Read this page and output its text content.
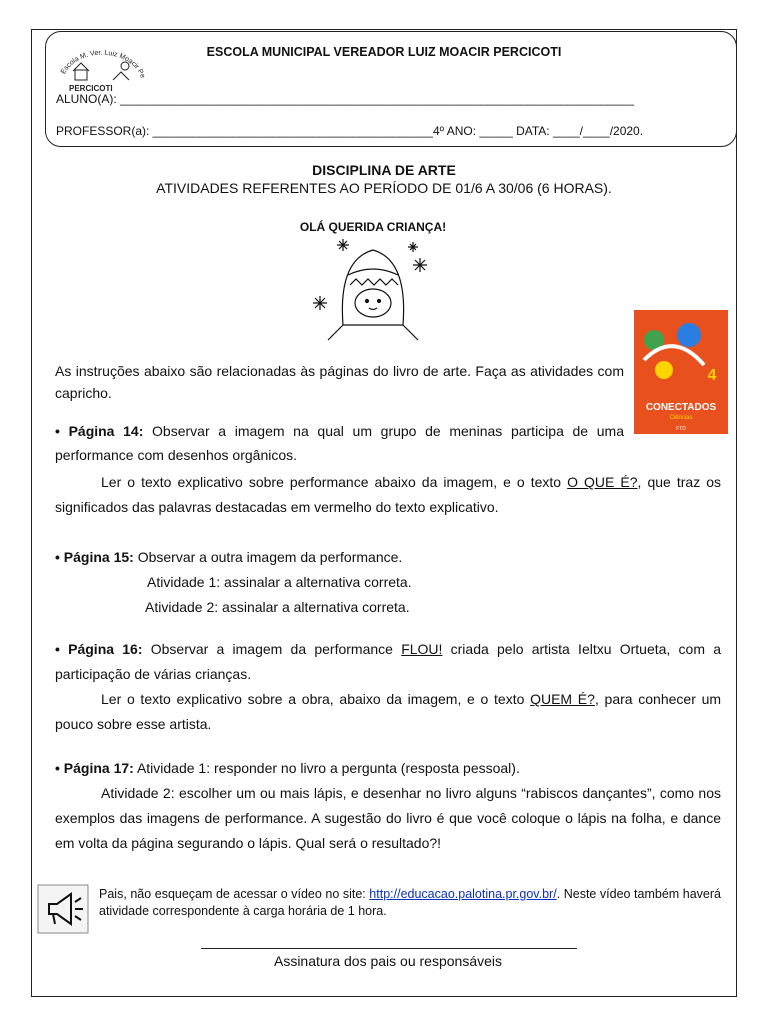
Escola M. Ver. Luiz Moacir Pe
PERCICOTI
ESCOLA MUNICIPAL VEREADOR LUIZ MOACIR PERCICOTI
ALUNO(A): _____________________________________________________________________________
PROFESSOR(a): __________________________________________4º ANO: _____ DATA: ____/____/2020.
DISCIPLINA DE ARTE
ATIVIDADES REFERENTES AO PERÍODO DE 01/6 A 30/06 (6 HORAS).
OLÁ QUERIDA CRIANÇA!
4
CONECTADOS
Ciências
FTD
As instruções abaixo são relacionadas às páginas do livro de arte. Faça as atividades com capricho.
• Página 14: Observar a imagem na qual um grupo de meninas participa de uma performance com desenhos orgânicos.
Ler o texto explicativo sobre performance abaixo da imagem, e o texto O QUE É?, que traz os significados das palavras destacadas em vermelho do texto explicativo.
• Página 15: Observar a outra imagem da performance.
Atividade 1: assinalar a alternativa correta.
Atividade 2: assinalar a alternativa correta.
• Página 16: Observar a imagem da performance FLOU! criada pelo artista Ieltxu Ortueta, com a participação de várias crianças.
Ler o texto explicativo sobre a obra, abaixo da imagem, e o texto QUEM É?, para conhecer um pouco sobre esse artista.
• Página 17: Atividade 1: responder no livro a pergunta (resposta pessoal).
Atividade 2: escolher um ou mais lápis, e desenhar no livro alguns “rabiscos dançantes”, como nos exemplos das imagens de performance. A sugestão do livro é que você coloque o lápis na folha, e dance em volta da página segurando o lápis. Qual será o resultado?!
Pais, não esqueçam de acessar o vídeo no site: http://educacao.palotina.pr.gov.br/. Neste vídeo também haverá atividade correspondente à carga horária de 1 hora.
Assinatura dos pais ou responsáveis
